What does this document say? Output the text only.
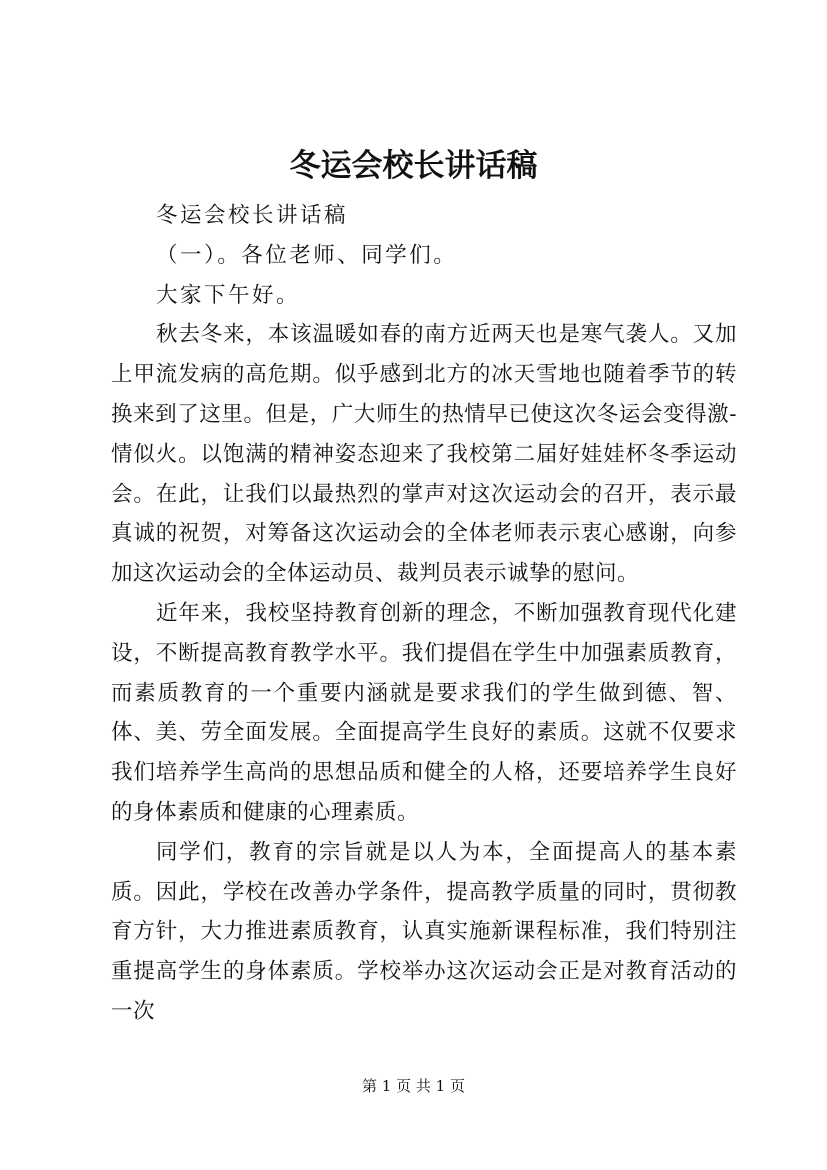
冬运会校长讲话稿

冬运会校长讲话稿

（一）。各位老师、同学们。

大家下午好。

秋去冬来，本该温暖如春的南方近两天也是寒气袭人。又加上甲流发病的高危期。似乎感到北方的冰天雪地也随着季节的转换来到了这里。但是，广大师生的热情早已使这次冬运会变得激-情似火。以饱满的精神姿态迎来了我校第二届好娃娃杯冬季运动会。在此，让我们以最热烈的掌声对这次运动会的召开，表示最真诚的祝贺，对筹备这次运动会的全体老师表示衷心感谢，向参加这次运动会的全体运动员、裁判员表示诚挚的慰问。

近年来，我校坚持教育创新的理念，不断加强教育现代化建设，不断提高教育教学水平。我们提倡在学生中加强素质教育，而素质教育的一个重要内涵就是要求我们的学生做到德、智、体、美、劳全面发展。全面提高学生良好的素质。这就不仅要求我们培养学生高尚的思想品质和健全的人格，还要培养学生良好的身体素质和健康的心理素质。

同学们，教育的宗旨就是以人为本，全面提高人的基本素质。因此，学校在改善办学条件，提高教学质量的同时，贯彻教育方针，大力推进素质教育，认真实施新课程标准，我们特别注重提高学生的身体素质。学校举办这次运动会正是对教育活动的一次

第 1 页 共 1 页
